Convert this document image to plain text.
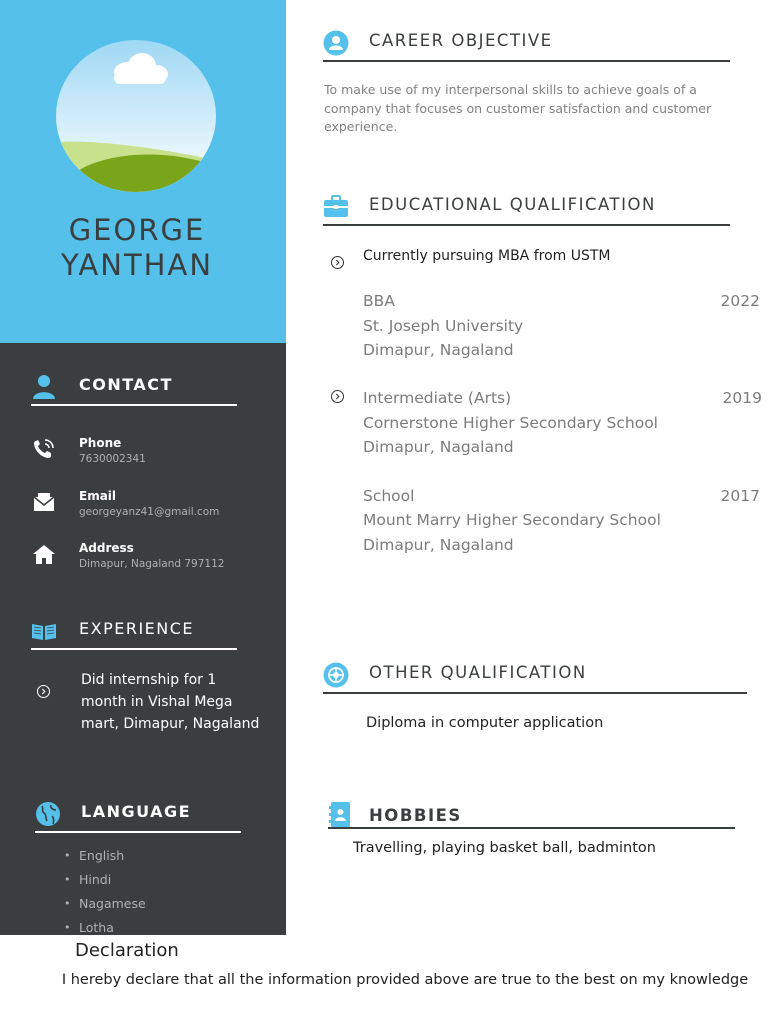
GEORGE
YANTHAN
CONTACT
Phone
7630002341
Email
georgeyanz41@gmail.com
Address
Dimapur, Nagaland 797112
EXPERIENCE
Did internship for 1 month in Vishal Mega mart, Dimapur, Nagaland
LANGUAGE
• English
• Hindi
• Nagamese
• Lotha
CAREER OBJECTIVE
To make use of my interpersonal skills to achieve goals of a company that focuses on customer satisfaction and customer experience.
EDUCATIONAL QUALIFICATION
Currently pursuing MBA from USTM
BBA	2022
St. Joseph University
Dimapur, Nagaland
Intermediate (Arts)	2019
Cornerstone Higher Secondary School
Dimapur, Nagaland
School	2017
Mount Marry Higher Secondary School
Dimapur, Nagaland
OTHER QUALIFICATION
Diploma in computer application
HOBBIES
Travelling, playing basket ball, badminton
Declaration
I hereby declare that all the information provided above are true to the best on my knowledge
